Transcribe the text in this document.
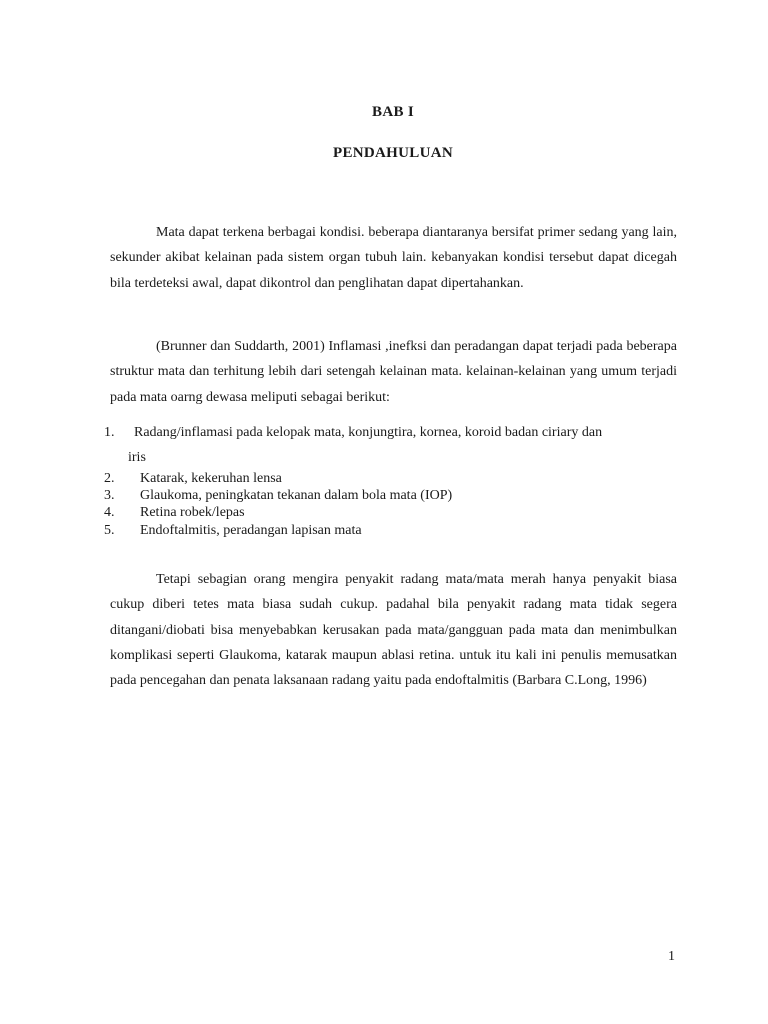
BAB I
PENDAHULUAN

Mata dapat terkena berbagai kondisi. beberapa diantaranya bersifat primer sedang yang lain, sekunder akibat kelainan pada sistem organ tubuh lain. kebanyakan kondisi tersebut dapat dicegah bila terdeteksi awal, dapat dikontrol dan penglihatan dapat dipertahankan.

(Brunner dan Suddarth, 2001) Inflamasi ,inefksi dan peradangan dapat terjadi pada beberapa struktur mata dan terhitung lebih dari setengah kelainan mata. kelainan-kelainan yang umum terjadi pada mata oarng dewasa meliputi sebagai berikut:

1. Radang/inflamasi pada kelopak mata, konjungtira, kornea, koroid badan ciriary dan
iris
2. Katarak, kekeruhan lensa
3. Glaukoma, peningkatan tekanan dalam bola mata (IOP)
4. Retina robek/lepas
5. Endoftalmitis, peradangan lapisan mata

Tetapi sebagian orang mengira penyakit radang mata/mata merah hanya penyakit biasa cukup diberi tetes mata biasa sudah cukup. padahal bila penyakit radang mata tidak segera ditangani/diobati bisa menyebabkan kerusakan pada mata/gangguan pada mata dan menimbulkan komplikasi seperti Glaukoma, katarak maupun ablasi retina. untuk itu kali ini penulis memusatkan pada pencegahan dan penata laksanaan radang yaitu pada endoftalmitis (Barbara C.Long, 1996)

1
